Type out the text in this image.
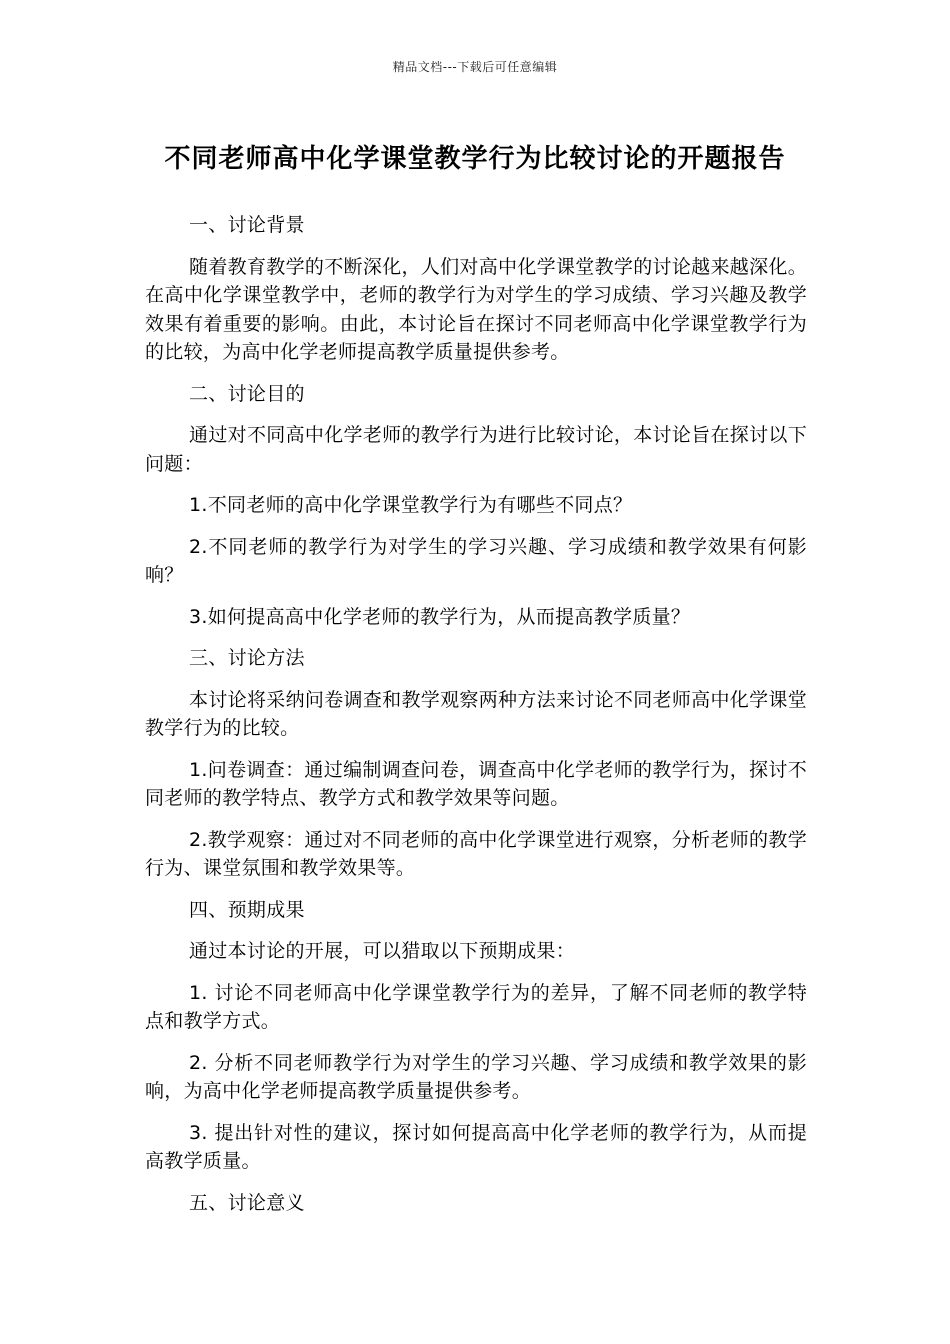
精品文档---下载后可任意编辑
不同老师高中化学课堂教学行为比较讨论的开题报告

一、讨论背景

随着教育教学的不断深化，人们对高中化学课堂教学的讨论越来越深化。在高中化学课堂教学中，老师的教学行为对学生的学习成绩、学习兴趣及教学效果有着重要的影响。由此，本讨论旨在探讨不同老师高中化学课堂教学行为的比较，为高中化学老师提高教学质量提供参考。

二、讨论目的

通过对不同高中化学老师的教学行为进行比较讨论，本讨论旨在探讨以下问题：

1.不同老师的高中化学课堂教学行为有哪些不同点？

2.不同老师的教学行为对学生的学习兴趣、学习成绩和教学效果有何影响？

3.如何提高高中化学老师的教学行为，从而提高教学质量？

三、讨论方法

本讨论将采纳问卷调查和教学观察两种方法来讨论不同老师高中化学课堂教学行为的比较。

1.问卷调查：通过编制调查问卷，调查高中化学老师的教学行为，探讨不同老师的教学特点、教学方式和教学效果等问题。

2.教学观察：通过对不同老师的高中化学课堂进行观察，分析老师的教学行为、课堂氛围和教学效果等。

四、预期成果

通过本讨论的开展，可以猎取以下预期成果：

1. 讨论不同老师高中化学课堂教学行为的差异，了解不同老师的教学特点和教学方式。

2. 分析不同老师教学行为对学生的学习兴趣、学习成绩和教学效果的影响，为高中化学老师提高教学质量提供参考。

3. 提出针对性的建议，探讨如何提高高中化学老师的教学行为，从而提高教学质量。

五、讨论意义
